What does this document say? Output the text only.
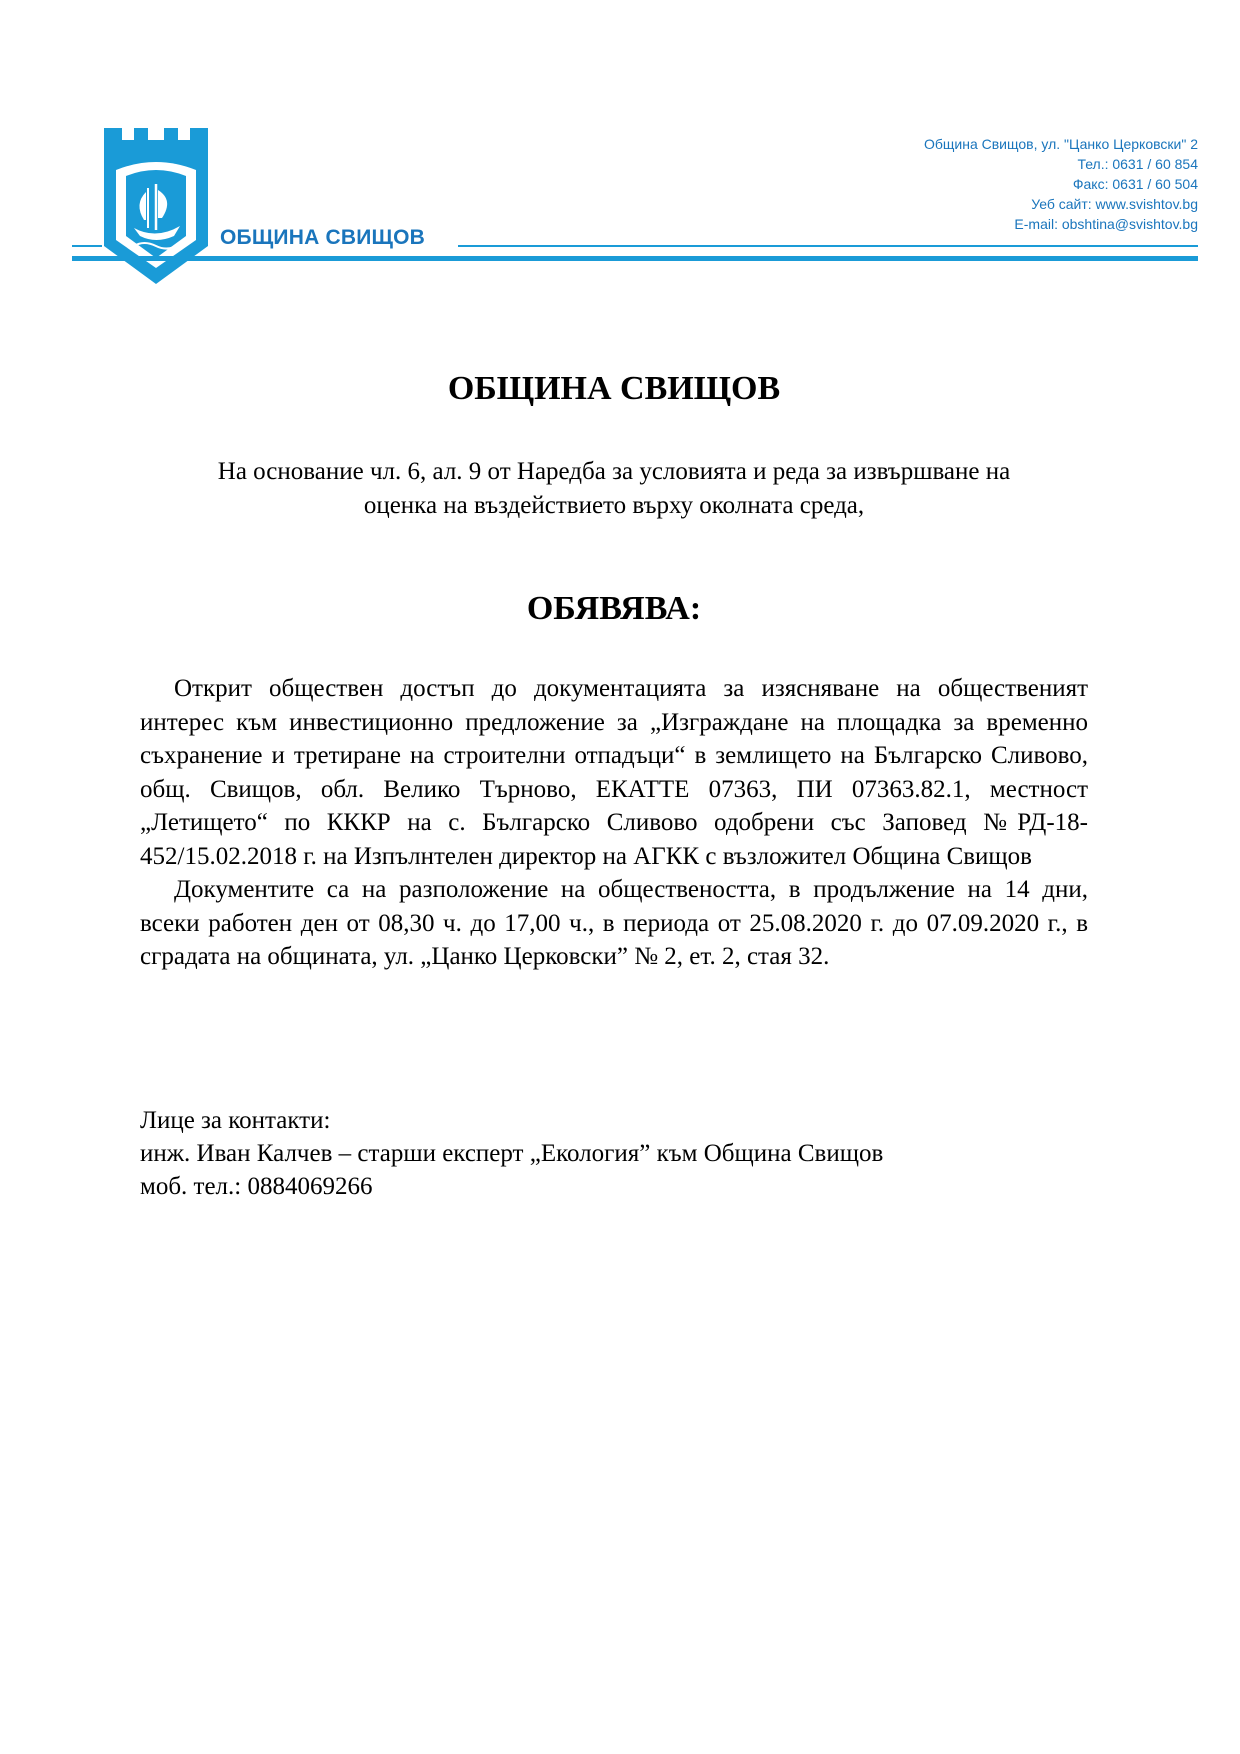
ОБЩИНА СВИЩОВ
Община Свищов, ул. "Цанко Церковски" 2
Тел.: 0631 / 60 854
Факс: 0631 / 60 504
Уеб сайт: www.svishtov.bg
E-mail: obshtina@svishtov.bg
ОБЩИНА СВИЩОВ
На основание чл. 6, ал. 9 от Наредба за условията и реда за извършване на
оценка на въздействието върху околната среда,
ОБЯВЯВА:

Открит обществен достъп до документацията за изясняване на общественият интерес към инвестиционно предложение за „Изграждане на площадка за временно съхранение и третиране на строителни отпадъци“ в землището на Българско Сливово, общ. Свищов, обл. Велико Търново, ЕКАТТЕ 07363, ПИ 07363.82.1, местност „Летището“ по КККР на с. Българско Сливово одобрени със Заповед №РД-18-452/15.02.2018 г. на Изпълнтелен директор на АГКК с възложител Община Свищов

Документите са на разположение на обществеността, в продължение на 14 дни, всеки работен ден от 08,30 ч. до 17,00 ч., в периода от 25.08.2020 г. до 07.09.2020 г., в сградата на общината, ул. „Цанко Церковски” № 2, ет. 2, стая 32.

Лице за контакти:
инж. Иван Калчев – старши експерт „Екология” към Община Свищов
моб. тел.: 0884069266
